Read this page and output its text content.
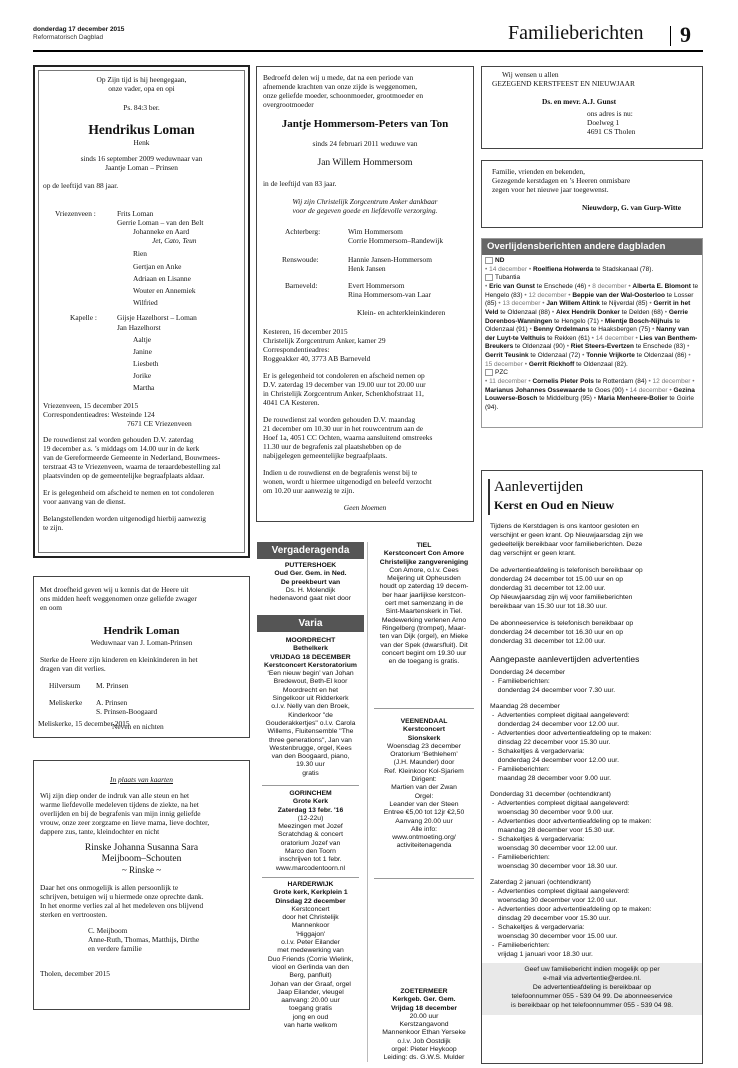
donderdag 17 december 2015
Reformatorisch Dagblad	Familieberichten 9
Op Zijn tijd is hij heengegaan,
onze vader, opa en opi
Ps. 84:3 ber.
Hendrikus Loman
Henk
sinds 16 september 2009 weduwnaar van
Jaantje Loman – Prinsen
op de leeftijd van 88 jaar.
Vriezenveen :	Frits Loman
Gerrie Loman – van den Belt
Johanneke en Aard
Jet, Cato, Teun
Rien
Gertjan en Anke
Adriaan en Lisanne
Wouter en Annemiek
Wilfried
Kapelle :	Gijsje Hazelhorst – Loman
Jan Hazelhorst
Aaltje
Janine
Liesbeth
Jorike
Martha
Vriezenveen, 15 december 2015
Correspondentieadres: Westeinde 124
7671 CE Vriezenveen
De rouwdienst zal worden gehouden D.V. zaterdag
19 december a.s. ’s middags om 14.00 uur in de kerk
van de Gereformeerde Gemeente in Nederland, Bouwmees-
terstraat 43 te Vriezenveen, waarna de teraardebestelling zal
plaatsvinden op de gemeentelijke begraafplaats aldaar.
Er is gelegenheid om afscheid te nemen en tot condoleren
voor aanvang van de dienst.
Belangstellenden worden uitgenodigd hierbij aanwezig
te zijn.
Met droefheid geven wij u kennis dat de Heere uit
ons midden heeft weggenomen onze geliefde zwager
en oom
Hendrik Loman
Weduwnaar van J. Loman-Prinsen
Sterke de Heere zijn kinderen en kleinkinderen in het
dragen van dit verlies.
Hilversum M. Prinsen
Meliskerke A. Prinsen
S. Prinsen-Boogaard
Neven en nichten
Meliskerke, 15 december 2015
In plaats van kaarten
Wij zijn diep onder de indruk van alle steun en het
warme liefdevolle medeleven tijdens de ziekte, na het
overlijden en bij de begrafenis van mijn innig geliefde
vrouw, onze zeer zorgzame en lieve mama, lieve dochter,
dappere zus, tante, kleindochter en nicht
Rinske Johanna Susanna Sara
Meijboom–Schouten
~ Rinske ~
Daar het ons onmogelijk is allen persoonlijk te
schrijven, betuigen wij u hiermede onze oprechte dank.
In het enorme verlies zal al het medeleven ons blijvend
sterken en vertroosten.
C. Meijboom
Anne-Ruth, Thomas, Matthijs, Dirthe
en verdere familie
Tholen, december 2015
Bedroefd delen wij u mede, dat na een periode van
afnemende krachten van onze zijde is weggenomen,
onze geliefde moeder, schoonmoeder, grootmoeder en
overgrootmoeder
Jantje Hommersom-Peters van Ton
sinds 24 februari 2011 weduwe van
Jan Willem Hommersom
in de leeftijd van 83 jaar.
Wij zijn Christelijk Zorgcentrum Anker dankbaar
voor de gegeven goede en liefdevolle verzorging.
Achterberg:	Wim Hommersom
Corrie Hommersom–Randewijk
Renswoude:	Hannie Jansen-Hommersom
Henk Jansen
Barneveld:	Evert Hommersom
Rina Hommersom-van Laar
Klein- en achterkleinkinderen
Kesteren, 16 december 2015
Christelijk Zorgcentrum Anker, kamer 29
Correspondentieadres:
Roggeakker 40, 3773 AB Barneveld
Er is gelegenheid tot condoleren en afscheid nemen op
D.V. zaterdag 19 december van 19.00 uur tot 20.00 uur
in Christelijk Zorgcentrum Anker, Schenkhofstraat 11,
4041 CA Kesteren.
De rouwdienst zal worden gehouden D.V. maandag
21 december om 10.30 uur in het rouwcentrum aan de
Hoef 1a, 4051 CC Ochten, waarna aansluitend omstreeks
11.30 uur de begrafenis zal plaatshebben op de
nabijgelegen gemeentelijke begraafplaats.
Indien u de rouwdienst en de begrafenis wenst bij te
wonen, wordt u hiermee uitgenodigd en beleefd verzocht
om 10.20 uur aanwezig te zijn.
Geen bloemen
Vergaderagenda
PUTTERSHOEK
Oud Ger. Gem. in Ned.
De preekbeurt van
Ds. H. Molendijk
hedenavond gaat niet door
Varia
MOORDRECHT
Bethelkerk
VRIJDAG 18 DECEMBER
Kerstconcert Kerstoratorium
‘Een nieuw begin’ van Johan
Bredewout, Beth-El koor
Moordrecht en het
Singelkoor uit Ridderkerk
o.l.v. Nelly van den Broek,
Kinderkoor "de
Gouderakkertjes" o.l.v. Carola
Willems, Fluitensemble "The
three generations", Jan van
Westenbrugge, orgel, Kees
van den Boogaard, piano,
19.30 uur
gratis
GORINCHEM
Grote Kerk
Zaterdag 13 febr. '16
(12-22u)
Meezingen met Jozef
Scratchdag & concert
oratorium Jozef van
Marco den Toorn
inschrijven tot 1 febr.
www.marcodentoorn.nl
HARDERWIJK
Grote kerk, Kerkplein 1
Dinsdag 22 december
Kerstconcert
door het Christelijk
Mannenkoor
'Higgajon'
o.l.v. Peter Eilander
met medewerking van
Duo Friends (Corrie Wielink,
viool en Gerlinda van den
Berg, panfluit)
Johan van der Graaf, orgel
Jaap Eilander, vleugel
aanvang: 20.00 uur
toegang gratis
jong en oud
van harte welkom
TIEL
Kerstconcert Con Amore
Christelijke zangvereniging
Con Amore, o.l.v. Cees
Meijering uit Opheusden
houdt op zaterdag 19 decem-
ber haar jaarlijkse kerstcon-
cert met samenzang in de
Sint-Maartenskerk in Tiel.
Medewerking verlenen Arno
Ringelberg (trompet), Maar-
ten van Dijk (orgel), en Mieke
van der Spek (dwarsfluit). Dit
concert begint om 19.30 uur
en de toegang is gratis.
VEENENDAAL
Kerstconcert
Sionskerk
Woensdag 23 december
Oratorium ‘Bethlehem’
(J.H. Maunder) door
Ref. Kleinkoor Kol-Sjariem
Dirigent:
Martien van der Zwan
Orgel:
Leander van der Steen
Entree €5,00 tot 12jr €2,50
Aanvang 20.00 uur
Alle info:
www.ontmoeting.org/
activiteitenagenda
ZOETERMEER
Kerkgeb. Ger. Gem.
Vrijdag 18 december
20.00 uur
Kerstzangavond
Mannenkoor Ethan Yerseke
o.l.v. Job Oostdijk
orgel: Pieter Heykoop
Leiding: ds. G.W.S. Mulder
Wij wensen u allen
GEZEGEND KERSTFEEST EN NIEUWJAAR
Ds. en mevr. A.J. Gunst
ons adres is nu:
Doelweg 1
4691 CS Tholen
Familie, vrienden en bekenden,
Gezegende kerstdagen en ’s Heeren onmisbare
zegen voor het nieuwe jaar toegewenst.
Nieuwdorp, G. van Gurp-Witte
Overlijdensberichten andere dagbladen
ND
• 14 december • Roelfiena Holwerda te Stadskanaal (78).
Tubantia
• Eric van Gunst te Enschede (46) • 8 december • Alberta E. Blomont te Hengelo (83) • 12 december • Beppie van der Wal-Oosterloo te Losser (85) • 13 december • Jan Willem Altink te Nijverdal (85) • Gerrit in het Veld te Oldenzaal (88) • Alex Hendrik Donker te Delden (68) • Gerrie Dorenbos-Wanningen te Hengelo (71) • Mientje Bosch-Nijhuis te Oldenzaal (91) • Benny Ordelmans te Haaksbergen (75) • Nanny van der Luyt-te Velthuis te Rekken (61) • 14 december • Lies van Benthem-Breukers te Oldenzaal (90) • Riet Steers-Evertzen te Enschede (83) • Gerrit Teusink te Oldenzaal (72) • Tonnie Vrijkorte te Oldenzaal (86) • 15 december • Gerrit Rickhoff te Oldenzaal (82).
PZC
• 11 december • Cornelis Pieter Pols te Rotterdam (84) • 12 december • Marianus Johannes Ossewaarde te Goes (90) • 14 december • Gezina Louwerse-Bosch te Middelburg (95) • Maria Menheere-Bolier te Goirle (94).
Aanlevertijden
Kerst en Oud en Nieuw
Tijdens de Kerstdagen is ons kantoor gesloten en
verschijnt er geen krant. Op Nieuwjaarsdag zijn we
gedeeltelijk bereikbaar voor familieberichten. Deze
dag verschijnt er geen krant.
De advertentieafdeling is telefonisch bereikbaar op
donderdag 24 december tot 15.00 uur en op
donderdag 31 december tot 12.00 uur.
Op Nieuwjaarsdag zijn wij voor familieberichten
bereikbaar van 15.30 uur tot 18.30 uur.
De abonneeservice is telefonisch bereikbaar op
donderdag 24 december tot 16.30 uur en op
donderdag 31 december tot 12.00 uur.
Aangepaste aanlevertijden advertenties
Donderdag 24 december
-  Familieberichten:
donderdag 24 december voor 7.30 uur.
Maandag 28 december
-  Advertenties compleet digitaal aangeleverd:
donderdag 24 december voor 12.00 uur.
-  Advertenties door advertentieafdeling op te maken:
dinsdag 22 december voor 15.30 uur.
-  Schakeltjes & vergadervaria:
donderdag 24 december voor 12.00 uur.
-  Familieberichten:
maandag 28 december voor 9.00 uur.
Donderdag 31 december (ochtendkrant)
-  Advertenties compleet digitaal aangeleverd:
woensdag 30 december voor 9.00 uur.
-  Advertenties door advertentieafdeling op te maken:
maandag 28 december voor 15.30 uur.
-  Schakeltjes & vergadervaria:
woensdag 30 december voor 12.00 uur.
-  Familieberichten:
woensdag 30 december voor 18.30 uur.
Zaterdag 2 januari (ochtendkrant)
-  Advertenties compleet digitaal aangeleverd:
woensdag 30 december voor 12.00 uur.
-  Advertenties door advertentieafdeling op te maken:
dinsdag 29 december voor 15.30 uur.
-  Schakeltjes & vergadervaria:
woensdag 30 december voor 15.00 uur.
-  Familieberichten:
vrijdag 1 januari voor 18.30 uur.
Geef uw familiebericht indien mogelijk op per
e-mail via advertentie@erdee.nl.
De advertentieafdeling is bereikbaar op
telefoonnummer 055 - 539 04 99. De abonneeservice
is bereikbaar op het telefoonnummer 055 - 539 04 98.
